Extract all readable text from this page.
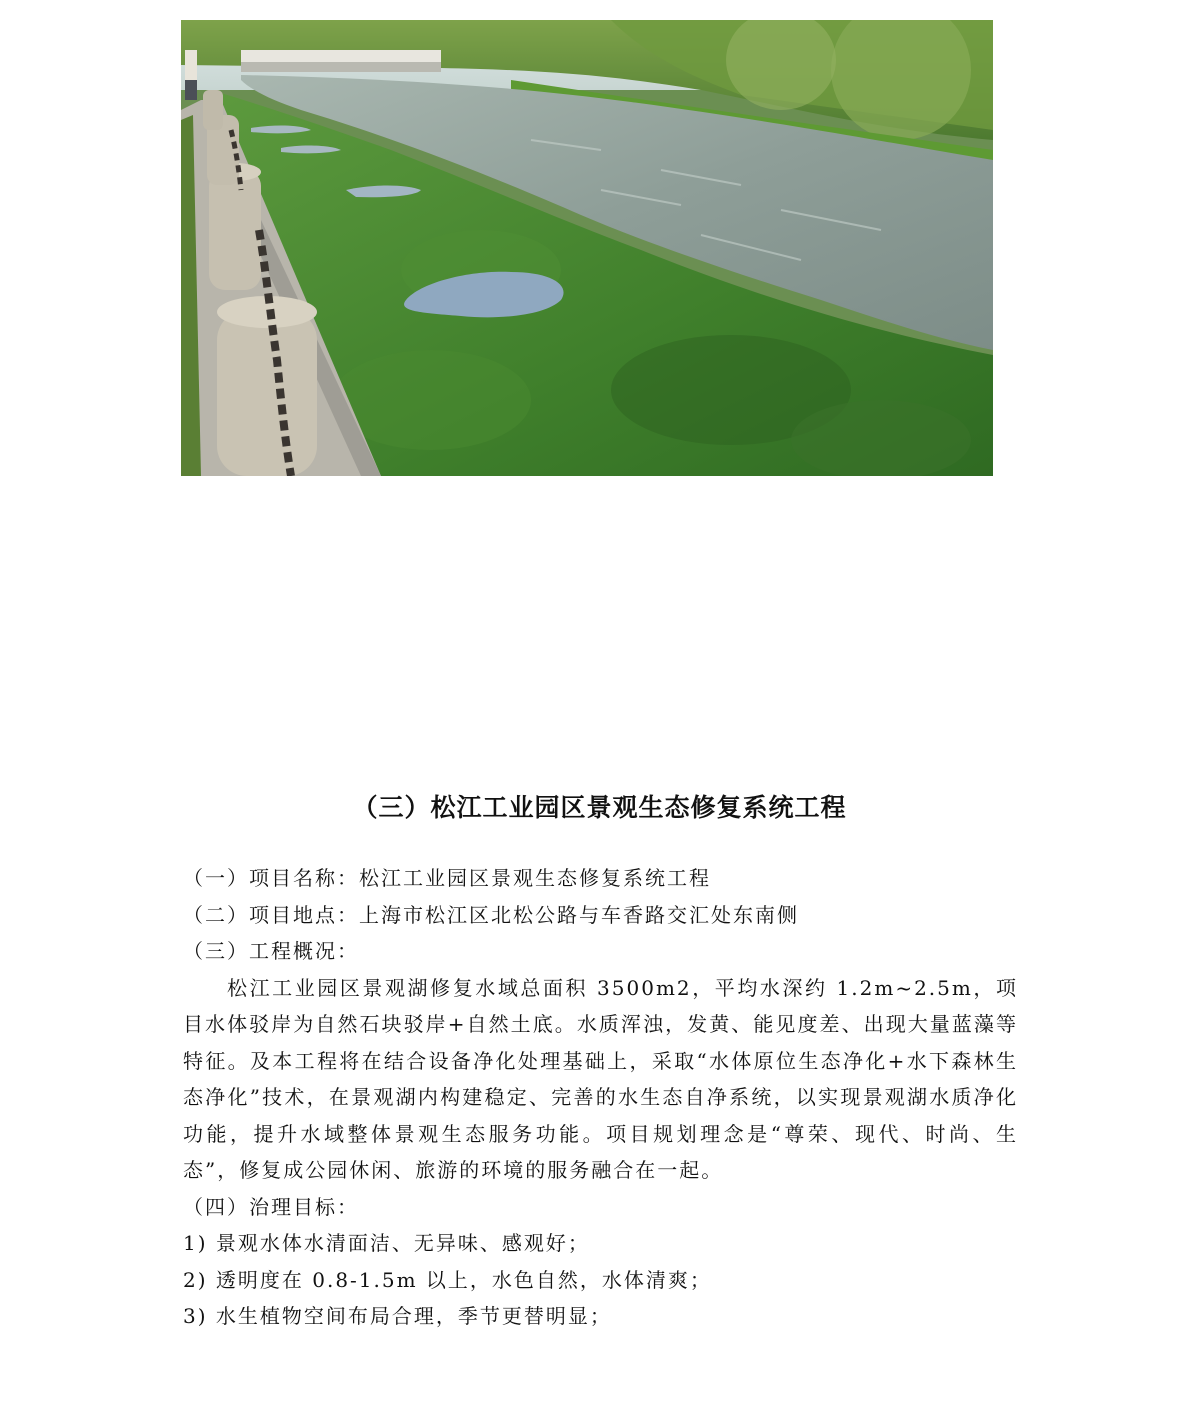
（三）松江工业园区景观生态修复系统工程
（一）项目名称：松江工业园区景观生态修复系统工程
（二）项目地点：上海市松江区北松公路与车香路交汇处东南侧
（三）工程概况：

松江工业园区景观湖修复水域总面积 3500m2，平均水深约 1.2m~2.5m，项目水体驳岸为自然石块驳岸+自然土底。水质浑浊，发黄、能见度差、出现大量蓝藻等特征。及本工程将在结合设备净化处理基础上，采取“水体原位生态净化+水下森林生态净化”技术，在景观湖内构建稳定、完善的水生态自净系统，以实现景观湖水质净化功能，提升水域整体景观生态服务功能。项目规划理念是“尊荣、现代、时尚、生态”，修复成公园休闲、旅游的环境的服务融合在一起。

（四）治理目标：
1) 景观水体水清面洁、无异味、感观好；
2) 透明度在 0.8-1.5m 以上，水色自然，水体清爽；
3) 水生植物空间布局合理，季节更替明显；
